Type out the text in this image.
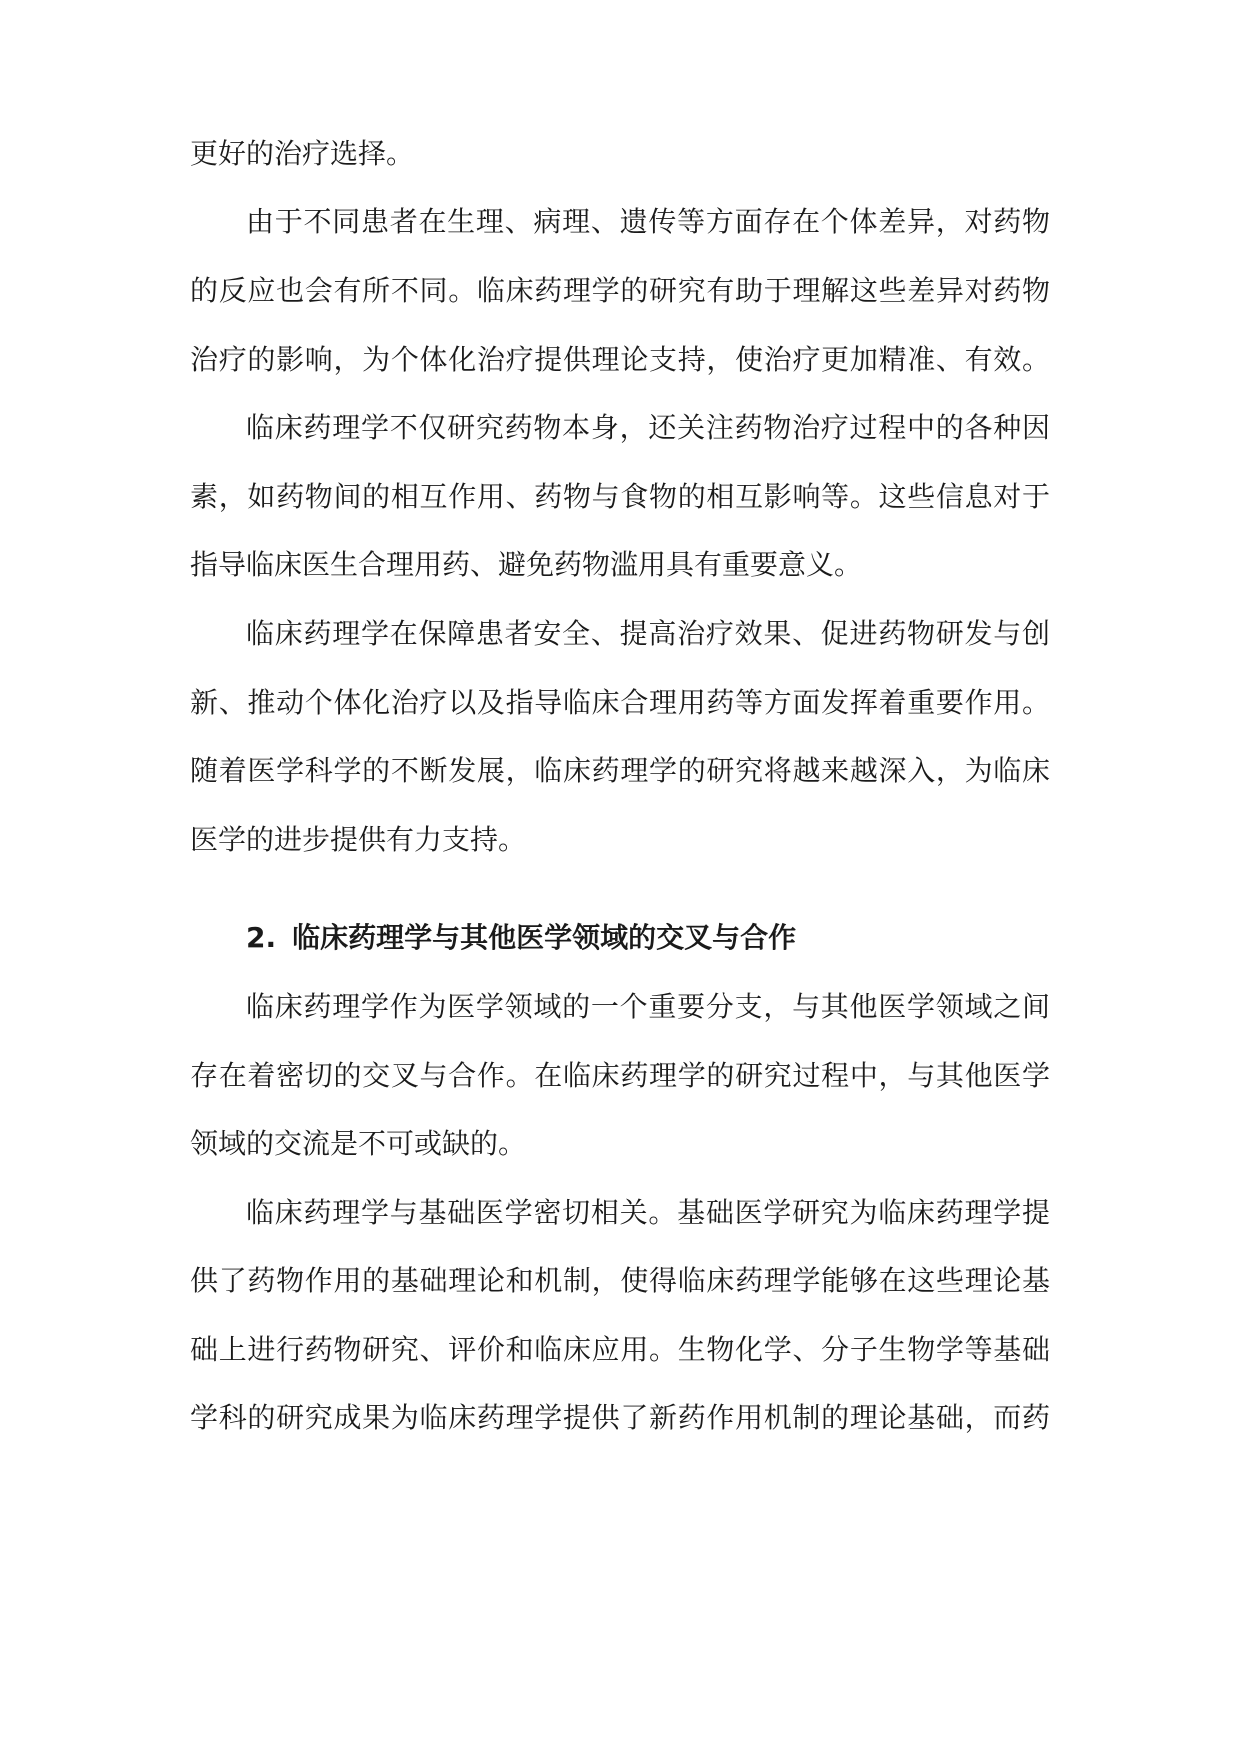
更好的治疗选择。
由于不同患者在生理、病理、遗传等方面存在个体差异，对药物
的反应也会有所不同。临床药理学的研究有助于理解这些差异对药物
治疗的影响，为个体化治疗提供理论支持，使治疗更加精准、有效。
临床药理学不仅研究药物本身，还关注药物治疗过程中的各种因
素，如药物间的相互作用、药物与食物的相互影响等。这些信息对于
指导临床医生合理用药、避免药物滥用具有重要意义。
临床药理学在保障患者安全、提高治疗效果、促进药物研发与创
新、推动个体化治疗以及指导临床合理用药等方面发挥着重要作用。
随着医学科学的不断发展，临床药理学的研究将越来越深入，为临床
医学的进步提供有力支持。
2. 临床药理学与其他医学领域的交叉与合作
临床药理学作为医学领域的一个重要分支，与其他医学领域之间
存在着密切的交叉与合作。在临床药理学的研究过程中，与其他医学
领域的交流是不可或缺的。
临床药理学与基础医学密切相关。基础医学研究为临床药理学提
供了药物作用的基础理论和机制，使得临床药理学能够在这些理论基
础上进行药物研究、评价和临床应用。生物化学、分子生物学等基础
学科的研究成果为临床药理学提供了新药作用机制的理论基础，而药
